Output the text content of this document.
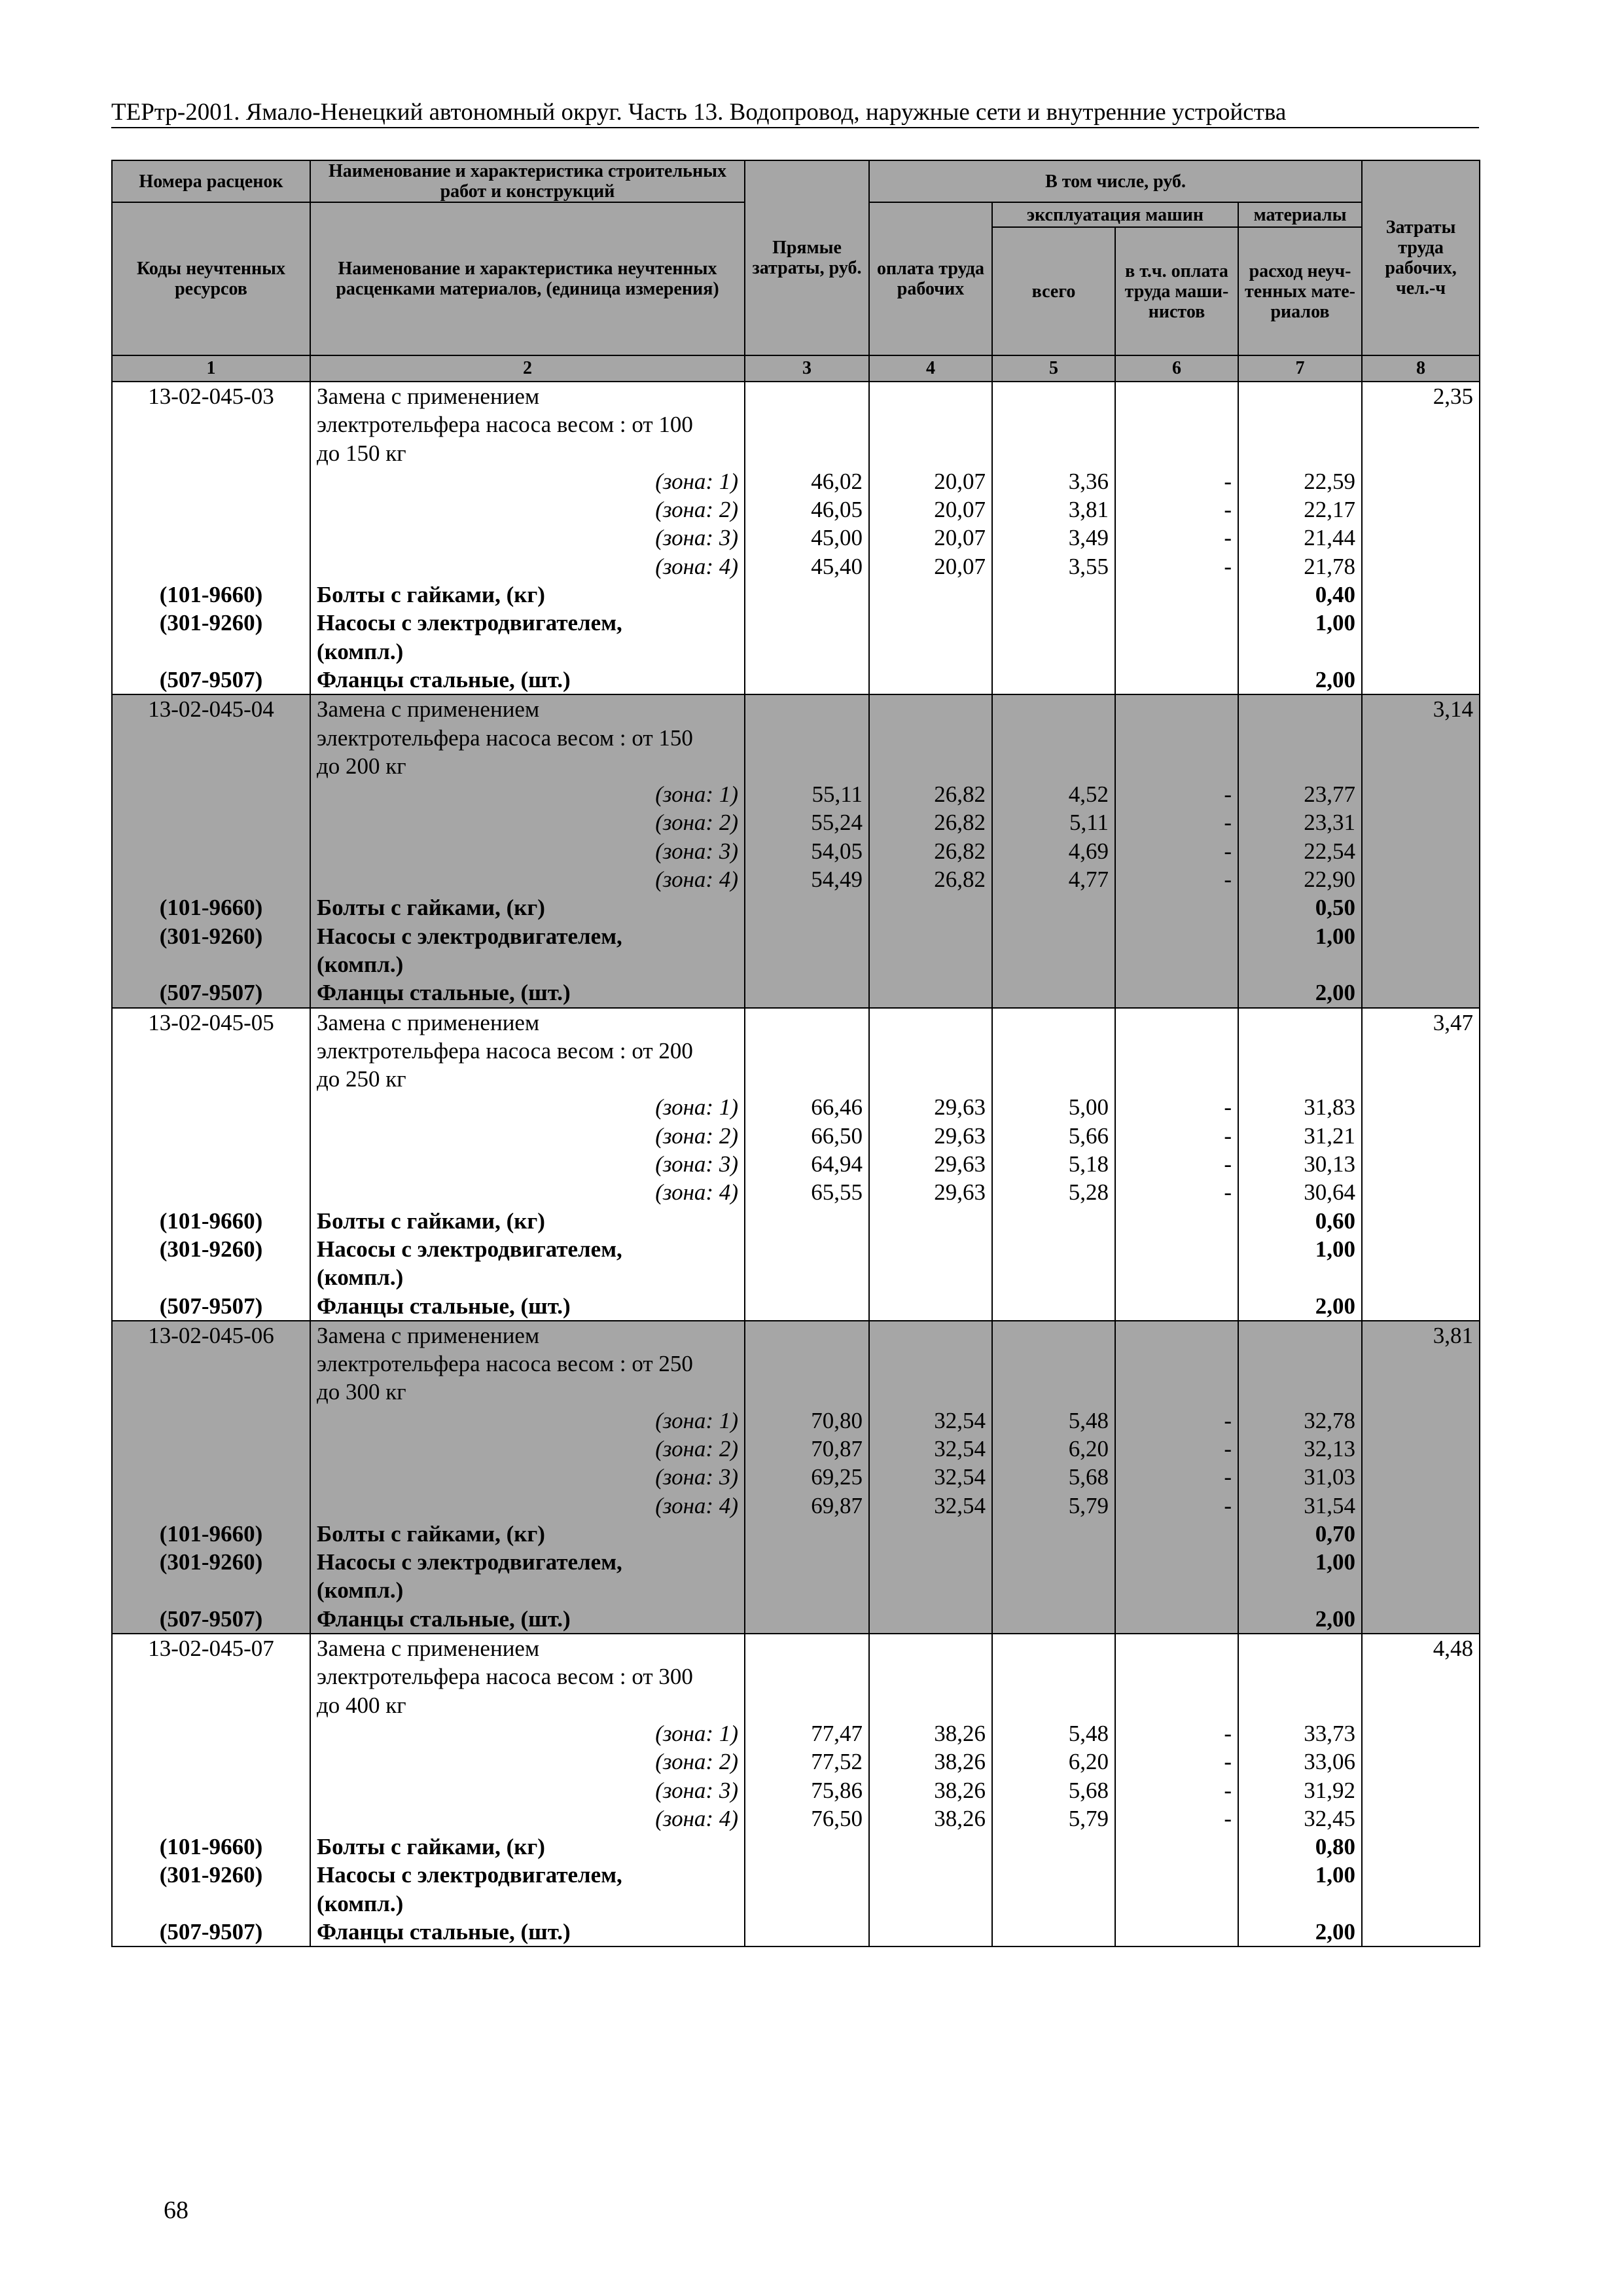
ТЕРтр-2001. Ямало-Ненецкий автономный округ. Часть 13. Водопровод, наружные сети и внутренние устройства
Номера расценок	Наименование и характеристика строительных работ и конструкций	Прямые затраты, руб.	В том числе, руб.				Затраты труда рабочих, чел.-ч
Коды неучтенных ресурсов	Наименование и характеристика неучтенных расценками материалов, (единица измерения)		оплата труда рабочих	эксплуатация машин		материалы	
				всего	в т.ч. оплата труда маши-нистов	расход неуч-тенных мате-риалов	
1	2	3	4	5	6	7	8
13-02-045-03	Замена с применением						2,35
	электротельфера насоса весом : от 100						
	до 150 кг						
	(зона: 1)	46,02	20,07	3,36	-	22,59	
	(зона: 2)	46,05	20,07	3,81	-	22,17	
	(зона: 3)	45,00	20,07	3,49	-	21,44	
	(зона: 4)	45,40	20,07	3,55	-	21,78	
(101-9660)	Болты с гайками, (кг)					0,40	
(301-9260)	Насосы с электродвигателем,					1,00	
	(компл.)						
(507-9507)	Фланцы стальные, (шт.)					2,00	
13-02-045-04	Замена с применением						3,14
	электротельфера насоса весом : от 150						
	до 200 кг						
	(зона: 1)	55,11	26,82	4,52	-	23,77	
	(зона: 2)	55,24	26,82	5,11	-	23,31	
	(зона: 3)	54,05	26,82	4,69	-	22,54	
	(зона: 4)	54,49	26,82	4,77	-	22,90	
(101-9660)	Болты с гайками, (кг)					0,50	
(301-9260)	Насосы с электродвигателем,					1,00	
	(компл.)						
(507-9507)	Фланцы стальные, (шт.)					2,00	
13-02-045-05	Замена с применением						3,47
	электротельфера насоса весом : от 200						
	до 250 кг						
	(зона: 1)	66,46	29,63	5,00	-	31,83	
	(зона: 2)	66,50	29,63	5,66	-	31,21	
	(зона: 3)	64,94	29,63	5,18	-	30,13	
	(зона: 4)	65,55	29,63	5,28	-	30,64	
(101-9660)	Болты с гайками, (кг)					0,60	
(301-9260)	Насосы с электродвигателем,					1,00	
	(компл.)						
(507-9507)	Фланцы стальные, (шт.)					2,00	
13-02-045-06	Замена с применением						3,81
	электротельфера насоса весом : от 250						
	до 300 кг						
	(зона: 1)	70,80	32,54	5,48	-	32,78	
	(зона: 2)	70,87	32,54	6,20	-	32,13	
	(зона: 3)	69,25	32,54	5,68	-	31,03	
	(зона: 4)	69,87	32,54	5,79	-	31,54	
(101-9660)	Болты с гайками, (кг)					0,70	
(301-9260)	Насосы с электродвигателем,					1,00	
	(компл.)						
(507-9507)	Фланцы стальные, (шт.)					2,00	
13-02-045-07	Замена с применением						4,48
	электротельфера насоса весом : от 300						
	до 400 кг						
	(зона: 1)	77,47	38,26	5,48	-	33,73	
	(зона: 2)	77,52	38,26	6,20	-	33,06	
	(зона: 3)	75,86	38,26	5,68	-	31,92	
	(зона: 4)	76,50	38,26	5,79	-	32,45	
(101-9660)	Болты с гайками, (кг)					0,80	
(301-9260)	Насосы с электродвигателем,					1,00	
	(компл.)						
(507-9507)	Фланцы стальные, (шт.)					2,00	
68
